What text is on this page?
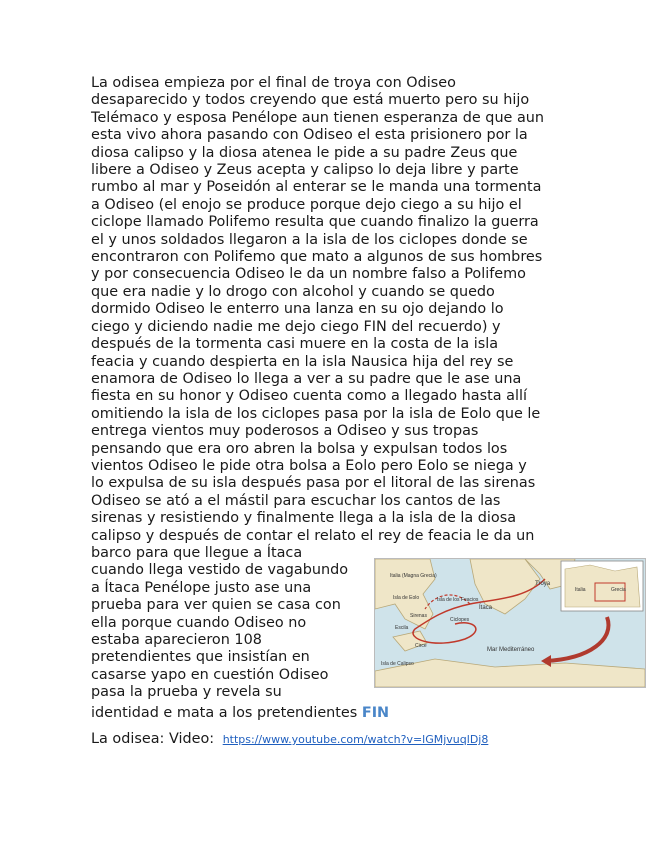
La odisea empieza por el final de troya con Odiseo
desaparecido y todos creyendo que está muerto pero su hijo
Telémaco y esposa Penélope aun tienen esperanza de que aun
esta vivo ahora pasando con Odiseo el esta prisionero por la
diosa calipso y la diosa atenea le pide a su padre Zeus que
libere a Odiseo y Zeus acepta y calipso lo deja libre y parte
rumbo al mar y Poseidón al enterar se le manda una tormenta
a Odiseo (el enojo se produce porque dejo ciego a su hijo el
ciclope llamado Polifemo resulta que cuando finalizo la guerra
el y unos soldados llegaron a la isla de los ciclopes donde se
encontraron con Polifemo que mato a algunos de sus hombres
y por consecuencia Odiseo le da un nombre falso a Polifemo
que era nadie y lo drogo con alcohol y cuando se quedo
dormido Odiseo le enterro una lanza en su ojo dejando lo
ciego y diciendo nadie me dejo ciego FIN del recuerdo) y
después de la tormenta casi muere en la costa de la isla
feacia y cuando despierta en la isla Nausica hija del rey se
enamora de Odiseo lo llega a ver a su padre que le ase una
fiesta en su honor y Odiseo cuenta como a llegado hasta allí
omitiendo la isla de los ciclopes pasa por la isla de Eolo que le
entrega vientos muy poderosos a Odiseo y sus tropas
pensando que era oro abren la bolsa y expulsan todos los
vientos Odiseo le pide otra bolsa a Eolo pero Eolo se niega y
lo expulsa de su isla después pasa por el litoral de las sirenas
Odiseo se ató a el mástil para escuchar los cantos de las
sirenas y resistiendo y finalmente llega a la isla de la diosa
calipso y después de contar el relato el rey de feacia le da un
barco para que llegue a Ítaca
cuando llega vestido de vagabundo
a Ítaca Penélope justo ase una
prueba para ver quien se casa con
ella porque cuando Odiseo no
estaba aparecieron 108
pretendientes que insistían en
casarse yapo en cuestión Odiseo
pasa la prueba y revela su
identidad e mata a los pretendientes FIN
Troya
Ítaca
Isla de los Feacios
Isla de Eolo
Italia (Magna Grecia)
Sirenas
Escila
Circe
Ciclopes
Isla de Calipso
Mar Mediterráneo
Grecia
Italia
La odisea: Video: https://www.youtube.com/watch?v=lGMjvuqlDj8
